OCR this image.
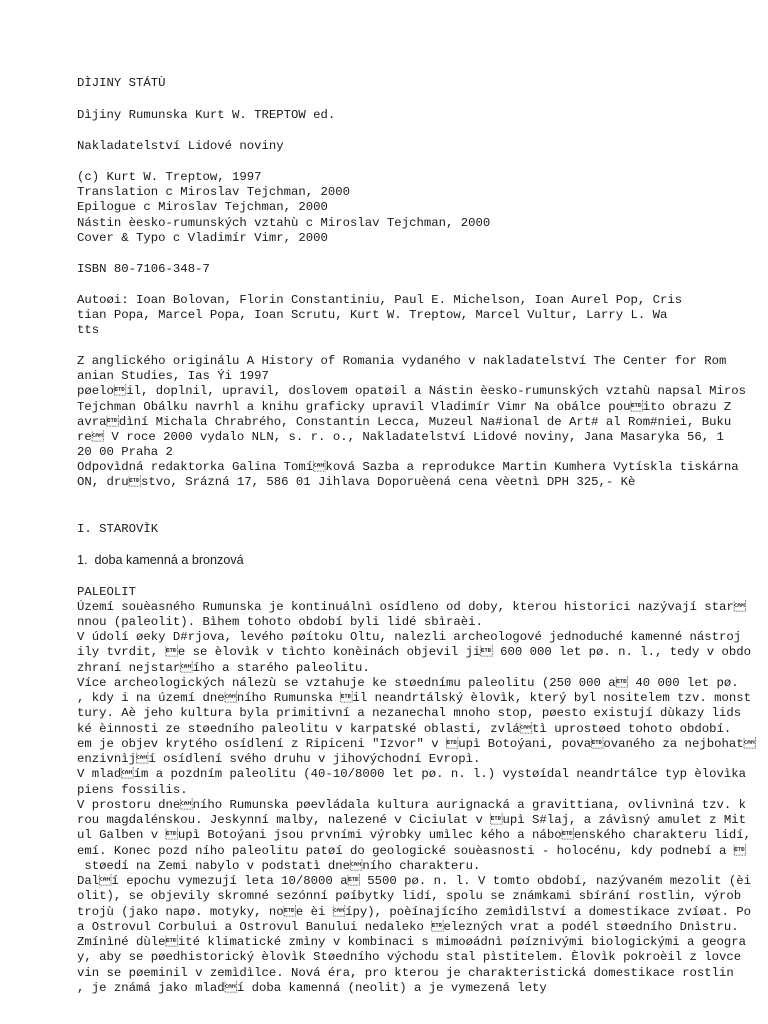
DÌJINY STÁTÙ
Dìjiny Rumunska Kurt W. TREPTOW ed.
Nakladatelství Lidové noviny
(c) Kurt W. Treptow, 1997
Translation c Miroslav Tejchman, 2000
Epilogue c Miroslav Tejchman, 2000
Nástin èesko-rumunských vztahù c Miroslav Tejchman, 2000
Cover & Typo c Vladimír Vimr, 2000
ISBN 80-7106-348-7
Autoøi: Ioan Bolovan, Florin Constantiniu, Paul E. Michelson, Ioan Aurel Pop, Cris
tian Popa, Marcel Popa, Ioan Scrutu, Kurt W. Treptow, Marcel Vultur, Larry L. Wa
tts
Z anglického originálu A History of Romania vydaného v nakladatelství The Center for Rom
anian Studies, Ias Ýi 1997
pøeloil, doplnil, upravil, doslovem opatøil a Nástin èesko-rumunských vztahù napsal Miros
Tejchman Obálku navrhl a knihu graficky upravil Vladimír Vimr Na obálce pouito obrazu Z
avradìní Michala Chrabrého, Constantin Lecca, Muzeul Na#ional de Art# al Rom#niei, Buku
re V roce 2000 vydalo NLN, s. r. o., Nakladatelství Lidové noviny, Jana Masaryka 56, 1
20 00 Praha 2
Odpovìdná redaktorka Galina Tomíková Sazba a reprodukce Martin Kumhera Vytískla tiskárna
ON, drustvo, Srázná 17, 586 01 Jihlava Doporuèená cena vèetnì DPH 325,- Kè
I. STAROVÌK
1.  doba kamenná a bronzová
PALEOLIT
Území souèasného Rumunska je kontinuálnì osídleno od doby, kterou historici nazývají star
nnou (paleolit). Bìhem tohoto období byli lidé sbìraèi.
V údolí øeky D#rjova, levého pøítoku Oltu, nalezli archeologové jednoduché kamenné nástroj
ily tvrdit, e se èlovìk v tìchto konèinách objevil ji 600 000 let pø. n. l., tedy v obdo
zhraní nejstarího a starého paleolitu.
Více archeologických nálezù se vztahuje ke støednímu paleolitu (250 000 a 40 000 let pø.
, kdy i na území dneního Rumunska il neandrtálský èlovìk, který byl nositelem tzv. monst
tury. Aè jeho kultura byla primitivní a nezanechal mnoho stop, pøesto existují dùkazy lids
ké èinnosti ze støedního paleolitu v karpatské oblasti, zvlátì uprostøed tohoto období.
em je objev krytého osídlení z Ripiceni "Izvor" v upì Botoýani, povaovaného za nejbohat
enzivnìjí osídlení svého druhu v jihovýchodní Evropì.
V mladím a pozdním paleolitu (40-10/8000 let pø. n. l.) vystøídal neandrtálce typ èlovìka
piens fossilis.
V prostoru dneního Rumunska pøevládala kultura aurignacká a gravittiana, ovlivnìná tzv. k
rou magdalénskou. Jeskynní malby, nalezené v Ciciulat v upì S#laj, a závìsný amulet z Mit
ul Galben v upì Botoýani jsou prvními výrobky umìlec kého a náboenského charakteru lidí,
emí. Konec pozd ního paleolitu patøí do geologické souèasnosti - holocénu, kdy podnebí a 
støedí na Zemi nabylo v podstatì dneního charakteru.
Dalí epochu vymezují leta 10/8000 a 5500 pø. n. l. V tomto období, nazývaném mezolit (èi
olit), se objevily skromné sezónní pøíbytky lidí, spolu se známkami sbírání rostlin, výrob
trojù (jako napø. motyky, noe èi ípy), poèínajícího zemìdìlství a domestikace zvíøat. Po
a Ostrovul Corbului a Ostrovul Banului nedaleko elezných vrat a podél støedního Dnìstru.
Zmínìné dùleité klimatické zmìny v kombinaci s mimoøádnì pøíznivými biologickými a geogra
y, aby se pøedhistorický èlovìk Støedního východu stal pìstitelem. Èlovìk pokroèil z lovce
vin se pøeminil v zemìdìlce. Nová éra, pro kterou je charakteristická domestikace rostlin
, je známá jako mladí doba kamenná (neolit) a je vymezená lety
